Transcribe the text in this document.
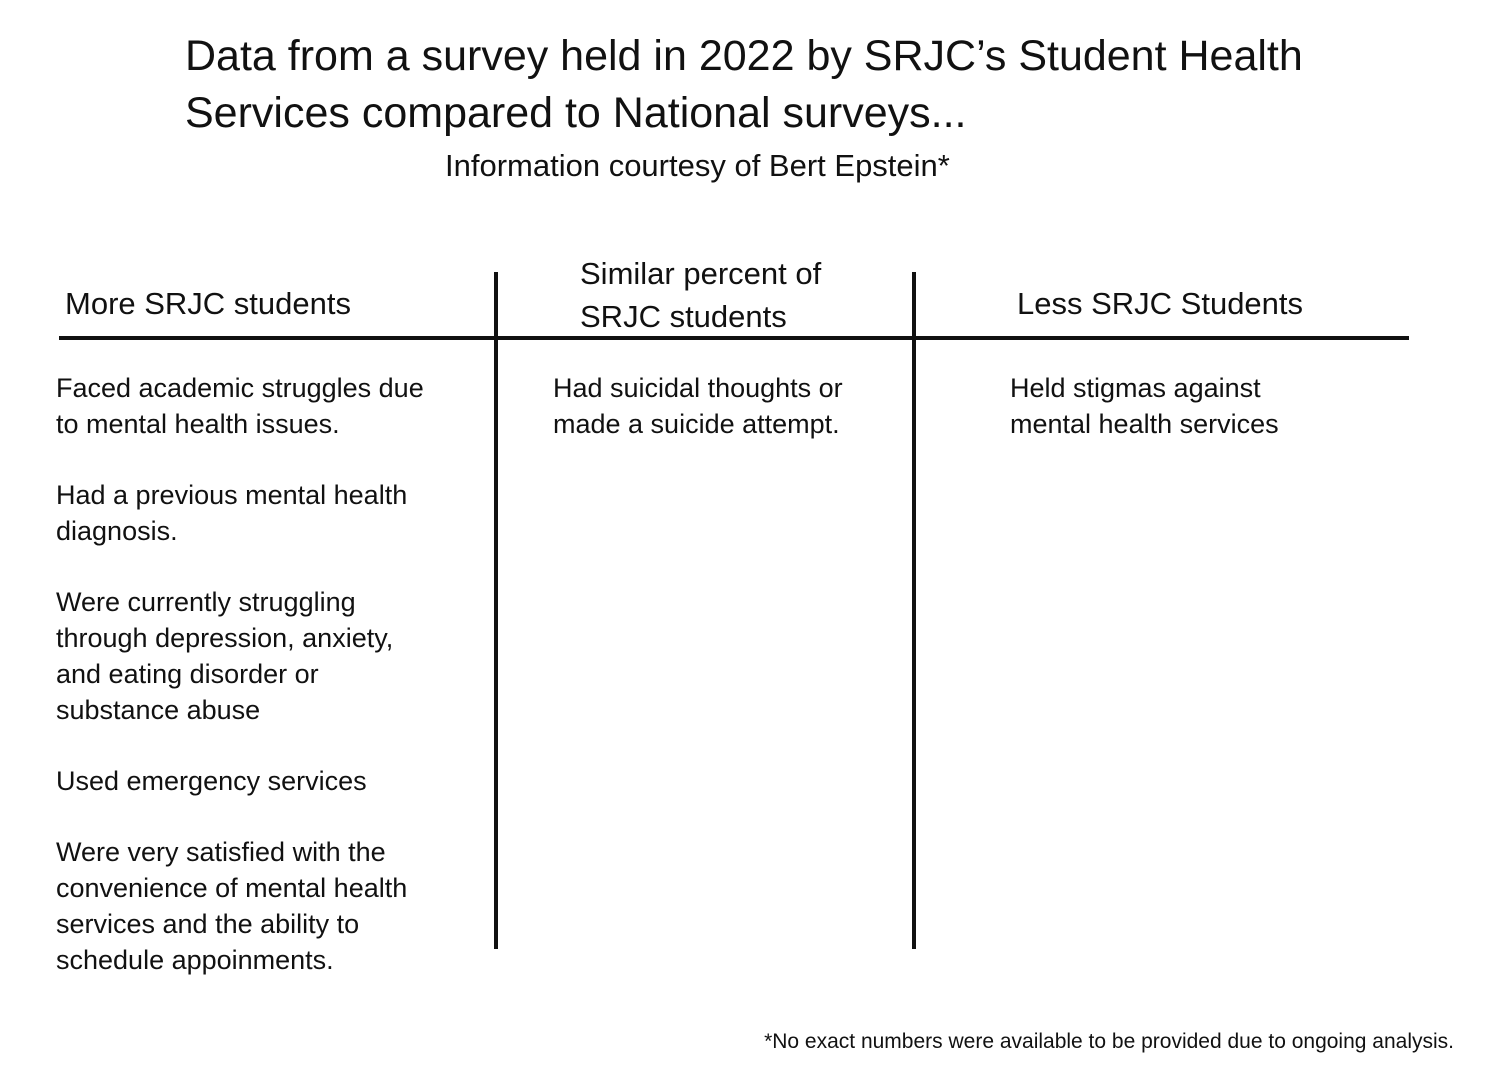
Data from a survey held in 2022 by SRJC’s Student Health
Services compared to National surveys...
Information courtesy of Bert Epstein*
More SRJC students
Similar percent of
SRJC students	Less SRJC Students
Faced academic struggles due
to mental health issues.
Had a previous mental health
diagnosis.
Were currently struggling
through depression, anxiety,
and eating disorder or
substance abuse
Used emergency services
Were very satisfied with the
convenience of mental health
services and the ability to
schedule appoinments.
Had suicidal thoughts or
made a suicide attempt.
Held stigmas against
mental health services
*No exact numbers were available to be provided due to ongoing analysis.
